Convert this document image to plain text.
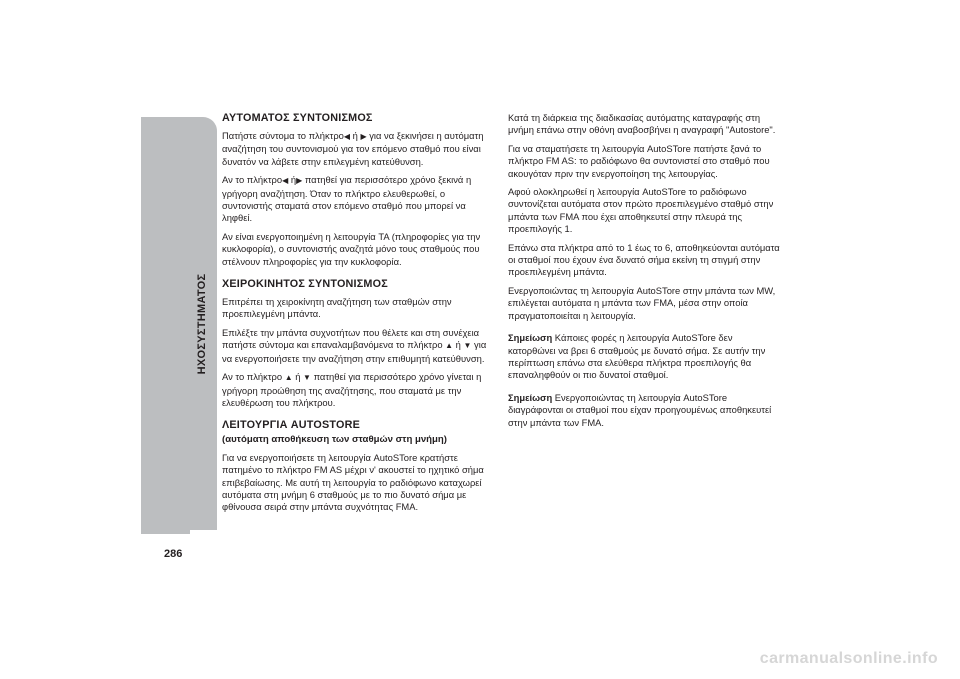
ΗΧΟΣΥΣΤΗΜΑΤΟΣ
286
ΑΥΤΟΜΑΤΟΣ ΣΥΝΤΟΝΙΣΜΟΣ

Πατήστε σύντομα το πλήκτρο◀ ή ▶ για να ξεκινήσει η αυτόματη αναζήτηση του συντονισμού για τον επόμενο σταθμό που είναι δυνατόν να λάβετε στην επιλεγμένη κατεύθυνση.

Αν το πλήκτρο◀ ή▶ πατηθεί για περισσότερο χρόνο ξεκινά η γρήγορη αναζήτηση. Όταν το πλήκτρο ελευθερωθεί, ο συντονιστής σταματά στον επόμενο σταθμό που μπορεί να ληφθεί.

Αν είναι ενεργοποιημένη η λειτουργία TA (πληροφορίες για την κυκλοφορία), ο συντονιστής αναζητά μόνο τους σταθμούς που στέλνουν πληροφορίες για την κυκλοφορία.

ΧΕΙΡΟΚΙΝΗΤΟΣ ΣΥΝΤΟΝΙΣΜΟΣ

Επιτρέπει τη χειροκίνητη αναζήτηση των σταθμών στην προεπιλεγμένη μπάντα.

Επιλέξτε την μπάντα συχνοτήτων που θέλετε και στη συνέχεια πατήστε σύντομα και επαναλαμβανόμενα το πλήκτρο ▲ ή ▼ για να ενεργοποιήσετε την αναζήτηση στην επιθυμητή κατεύθυνση.

Αν το πλήκτρο ▲ ή ▼ πατηθεί για περισσότερο χρόνο γίνεται η γρήγορη προώθηση της αναζήτησης, που σταματά με την ελευθέρωση του πλήκτρου.

ΛΕΙΤΟΥΡΓΙΑ AUTOSTORE
(αυτόματη αποθήκευση των σταθμών στη μνήμη)

Για να ενεργοποιήσετε τη λειτουργία AutoSTore κρατήστε πατημένο το πλήκτρο FM AS μέχρι ν' ακουστεί το ηχητικό σήμα επιβεβαίωσης. Με αυτή τη λειτουργία το ραδιόφωνο καταχωρεί αυτόματα στη μνήμη 6 σταθμούς με το πιο δυνατό σήμα με φθίνουσα σειρά στην μπάντα συχνότητας FMA.

Κατά τη διάρκεια της διαδικασίας αυτόματης καταγραφής στη μνήμη επάνω στην οθόνη αναβοσβήνει η αναγραφή "Autostore".

Για να σταματήσετε τη λειτουργία AutoSTore πατήστε ξανά το πλήκτρο FM AS: το ραδιόφωνο θα συντονιστεί στο σταθμό που ακουγόταν πριν την ενεργοποίηση της λειτουργίας.

Αφού ολοκληρωθεί η λειτουργία AutoSTore το ραδιόφωνο συντονίζεται αυτόματα στον πρώτο προεπιλεγμένο σταθμό στην μπάντα των FMA που έχει αποθηκευτεί στην πλευρά της προεπιλογής 1.

Επάνω στα πλήκτρα από το 1 έως το 6, αποθηκεύονται αυτόματα οι σταθμοί που έχουν ένα δυνατό σήμα εκείνη τη στιγμή στην προεπιλεγμένη μπάντα.

Ενεργοποιώντας τη λειτουργία AutoSTore στην μπάντα των MW, επιλέγεται αυτόματα η μπάντα των FMA, μέσα στην οποία πραγματοποιείται η λειτουργία.

Σημείωση Κάποιες φορές η λειτουργία AutoSTore δεν κατορθώνει να βρει 6 σταθμούς με δυνατό σήμα. Σε αυτήν την περίπτωση επάνω στα ελεύθερα πλήκτρα προεπιλογής θα επαναληφθούν οι πιο δυνατοί σταθμοί.

Σημείωση Ενεργοποιώντας τη λειτουργία AutoSTore διαγράφονται οι σταθμοί που είχαν προηγουμένως αποθηκευτεί στην μπάντα των FMA.

carmanualsonline.info
